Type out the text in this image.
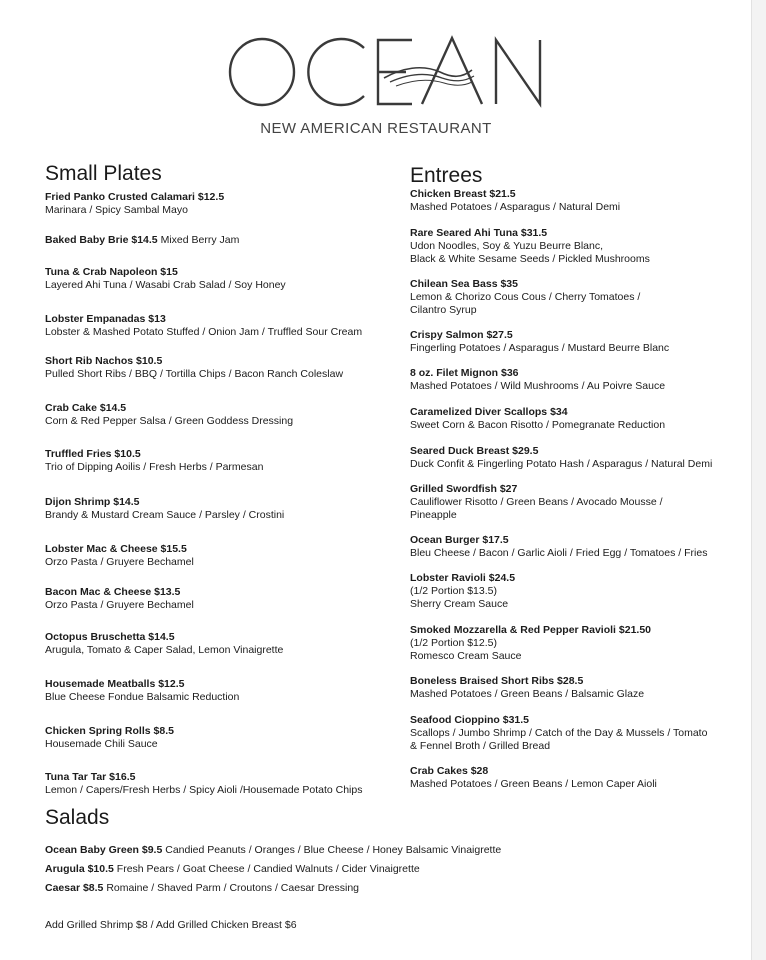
NEW AMERICAN RESTAURANT
Small Plates
Fried Panko Crusted Calamari $12.5
Marinara / Spicy Sambal Mayo
Baked Baby Brie $14.5 Mixed Berry Jam
Tuna & Crab Napoleon $15
Layered Ahi Tuna / Wasabi Crab Salad / Soy Honey
Lobster Empanadas $13
Lobster & Mashed Potato Stuffed / Onion Jam / Truffled Sour Cream
Short Rib Nachos $10.5
Pulled Short Ribs / BBQ / Tortilla Chips / Bacon Ranch Coleslaw
Crab Cake $14.5
Corn & Red Pepper Salsa / Green Goddess Dressing
Truffled Fries $10.5
Trio of Dipping Aoilis / Fresh Herbs / Parmesan
Dijon Shrimp $14.5
Brandy & Mustard Cream Sauce / Parsley / Crostini
Lobster Mac & Cheese $15.5
Orzo Pasta / Gruyere Bechamel
Bacon Mac & Cheese $13.5
Orzo Pasta / Gruyere Bechamel
Octopus Bruschetta $14.5
Arugula, Tomato & Caper Salad, Lemon Vinaigrette
Housemade Meatballs $12.5
Blue Cheese Fondue Balsamic Reduction
Chicken Spring Rolls $8.5
Housemade Chili Sauce
Tuna Tar Tar $16.5
Lemon / Capers/Fresh Herbs / Spicy Aioli /Housemade Potato Chips
Entrees
Chicken Breast $21.5
Mashed Potatoes / Asparagus / Natural Demi
Rare Seared Ahi Tuna $31.5
Udon Noodles, Soy & Yuzu Beurre Blanc,
Black & White Sesame Seeds / Pickled Mushrooms
Chilean Sea Bass $35
Lemon & Chorizo Cous Cous / Cherry Tomatoes /
Cilantro Syrup
Crispy Salmon $27.5
Fingerling Potatoes / Asparagus / Mustard Beurre Blanc
8 oz. Filet Mignon $36
Mashed Potatoes / Wild Mushrooms / Au Poivre Sauce
Caramelized Diver Scallops $34
Sweet Corn & Bacon Risotto / Pomegranate Reduction
Seared Duck Breast $29.5
Duck Confit & Fingerling Potato Hash / Asparagus / Natural Demi
Grilled Swordfish $27
Cauliflower Risotto / Green Beans / Avocado Mousse /
Pineapple
Ocean Burger $17.5
Bleu Cheese / Bacon / Garlic Aioli / Fried Egg / Tomatoes / Fries
Lobster Ravioli $24.5
(1/2 Portion $13.5)
Sherry Cream Sauce
Smoked Mozzarella & Red Pepper Ravioli $21.50
(1/2 Portion $12.5)
Romesco Cream Sauce
Boneless Braised Short Ribs $28.5
Mashed Potatoes / Green Beans / Balsamic Glaze
Seafood Cioppino $31.5
Scallops / Jumbo Shrimp / Catch of the Day & Mussels / Tomato
& Fennel Broth / Grilled Bread
Crab Cakes $28
Mashed Potatoes / Green Beans / Lemon Caper Aioli
Salads
Ocean Baby Green $9.5 Candied Peanuts / Oranges / Blue Cheese / Honey Balsamic Vinaigrette
Arugula $10.5 Fresh Pears / Goat Cheese / Candied Walnuts / Cider Vinaigrette
Caesar $8.5 Romaine / Shaved Parm / Croutons / Caesar Dressing
Add Grilled Shrimp $8 / Add Grilled Chicken Breast $6
